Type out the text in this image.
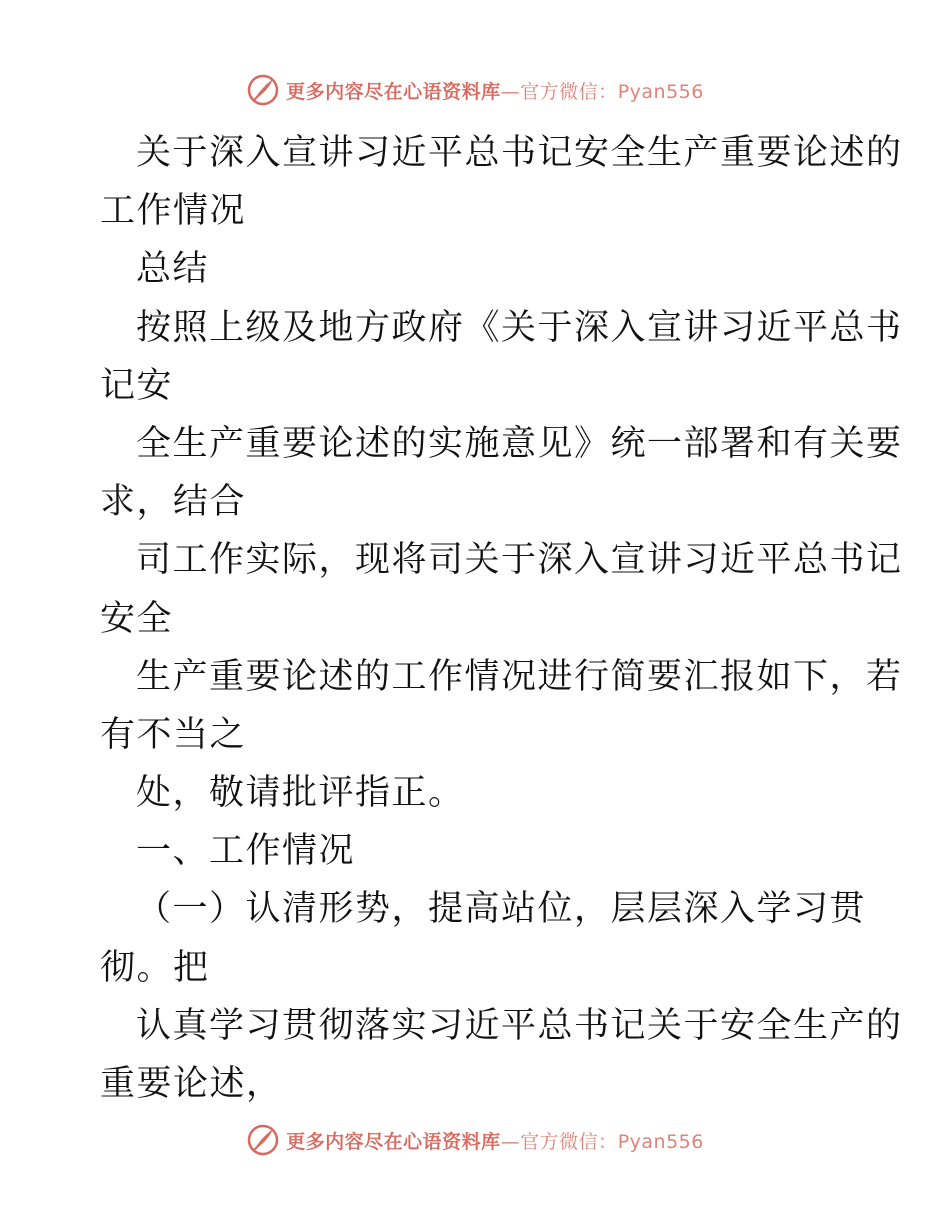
更多内容尽在心语资料库—官方微信：Pyan556
关于深入宣讲习近平总书记安全生产重要论述的
工作情况
总结
按照上级及地方政府《关于深入宣讲习近平总书
记安
全生产重要论述的实施意见》统一部署和有关要
求，结合
司工作实际，现将司关于深入宣讲习近平总书记
安全
生产重要论述的工作情况进行简要汇报如下，若
有不当之
处，敬请批评指正。
一、工作情况
（一）认清形势，提高站位，层层深入学习贯
彻。把
认真学习贯彻落实习近平总书记关于安全生产的
重要论述，
更多内容尽在心语资料库—官方微信：Pyan556
